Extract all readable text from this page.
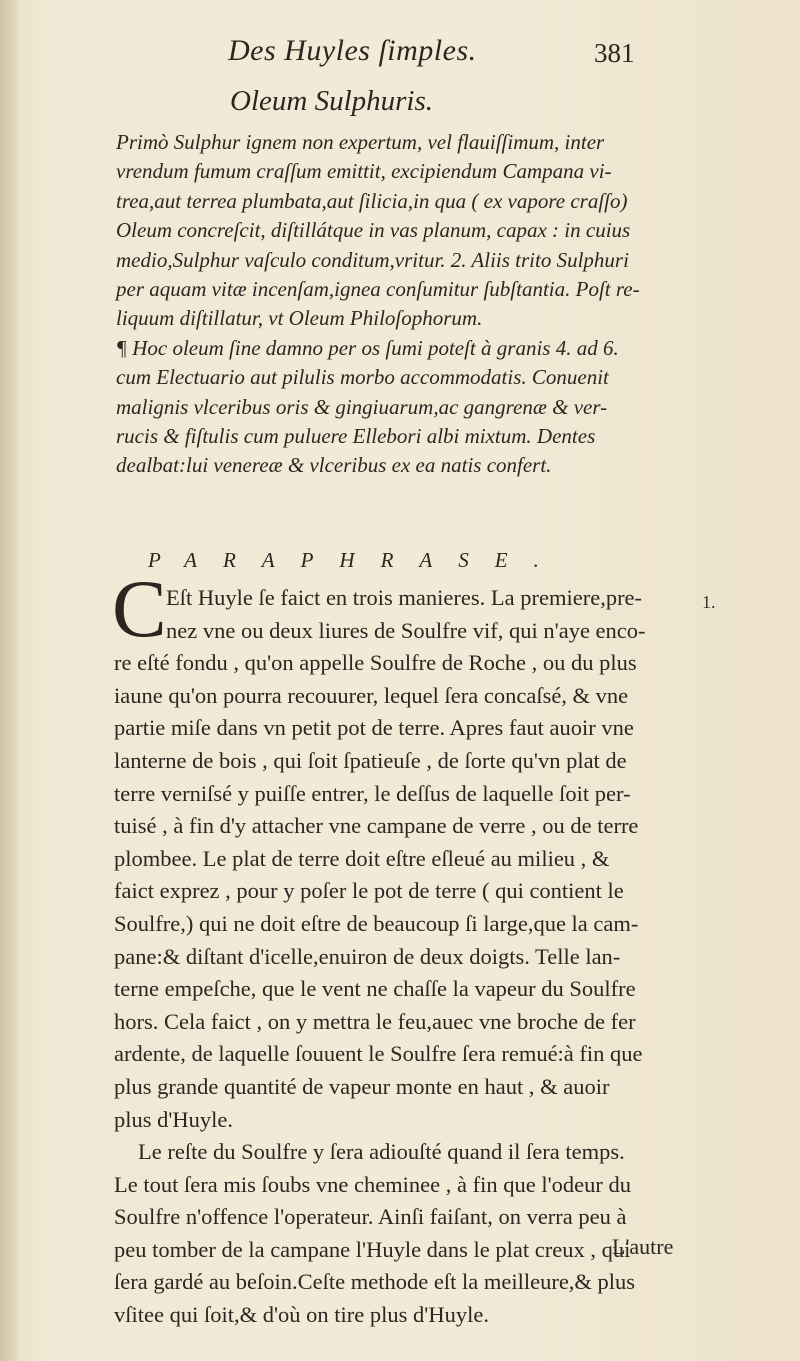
Des Huyles ſimples.	381
Oleum Sulphuris.
Primò Sulphur ignem non expertum, vel flauiſſimum, inter
vrendum fumum craſſum emittit, excipiendum Campana vi-
trea,aut terrea plumbata,aut ſilicia,in qua ( ex vapore craſſo)
Oleum concreſcit, diſtillátque in vas planum, capax : in cuius
medio,Sulphur vaſculo conditum,vritur. 2. Aliis trito Sulphuri
per aquam vitæ incenſam,ignea conſumitur ſubſtantia. Poſt re-
liquum diſtillatur, vt Oleum Philoſophorum.
¶ Hoc oleum ſine damno per os ſumi poteſt à granis 4. ad 6.
cum Electuario aut pilulis morbo accommodatis. Conuenit
malignis vlceribus oris & gingiuarum,ac gangrenæ & ver-
rucis & fiſtulis cum puluere Ellebori albi mixtum. Dentes
dealbat:lui venereæ & vlceribus ex ea natis confert.
PARAPHRASE.
C Eſt Huyle ſe faict en trois manieres. La premiere,pre-
nez vne ou deux liures de Soulfre vif, qui n'aye enco-
re eſté fondu , qu'on appelle Soulfre de Roche , ou du plus
iaune qu'on pourra recouurer, lequel ſera concaſsé, & vne
partie miſe dans vn petit pot de terre. Apres faut auoir vne
lanterne de bois , qui ſoit ſpatieuſe , de ſorte qu'vn plat de
terre verniſsé y puiſſe entrer, le deſſus de laquelle ſoit per-
tuisé , à fin d'y attacher vne campane de verre , ou de terre
plombee. Le plat de terre doit eſtre eſleué au milieu , &
faict exprez , pour y poſer le pot de terre ( qui contient le
Soulfre,) qui ne doit eſtre de beaucoup ſi large,que la cam-
pane:& diſtant d'icelle,enuiron de deux doigts. Telle lan-
terne empeſche, que le vent ne chaſſe la vapeur du Soulfre
hors. Cela faict , on y mettra le feu,auec vne broche de fer
ardente, de laquelle ſouuent le Soulfre ſera remué:à fin que
plus grande quantité de vapeur monte en haut , & auoir
plus d'Huyle.
Le reſte du Soulfre y ſera adiouſté quand il ſera temps.
Le tout ſera mis ſoubs vne cheminee , à fin que l'odeur du
Soulfre n'offence l'operateur. Ainſi faiſant, on verra peu à
peu tomber de la campane l'Huyle dans le plat creux , qui
ſera gardé au beſoin.Ceſte methode eſt la meilleure,& plus
vſitee qui ſoit,& d'où on tire plus d'Huyle.
1.
L'autre
